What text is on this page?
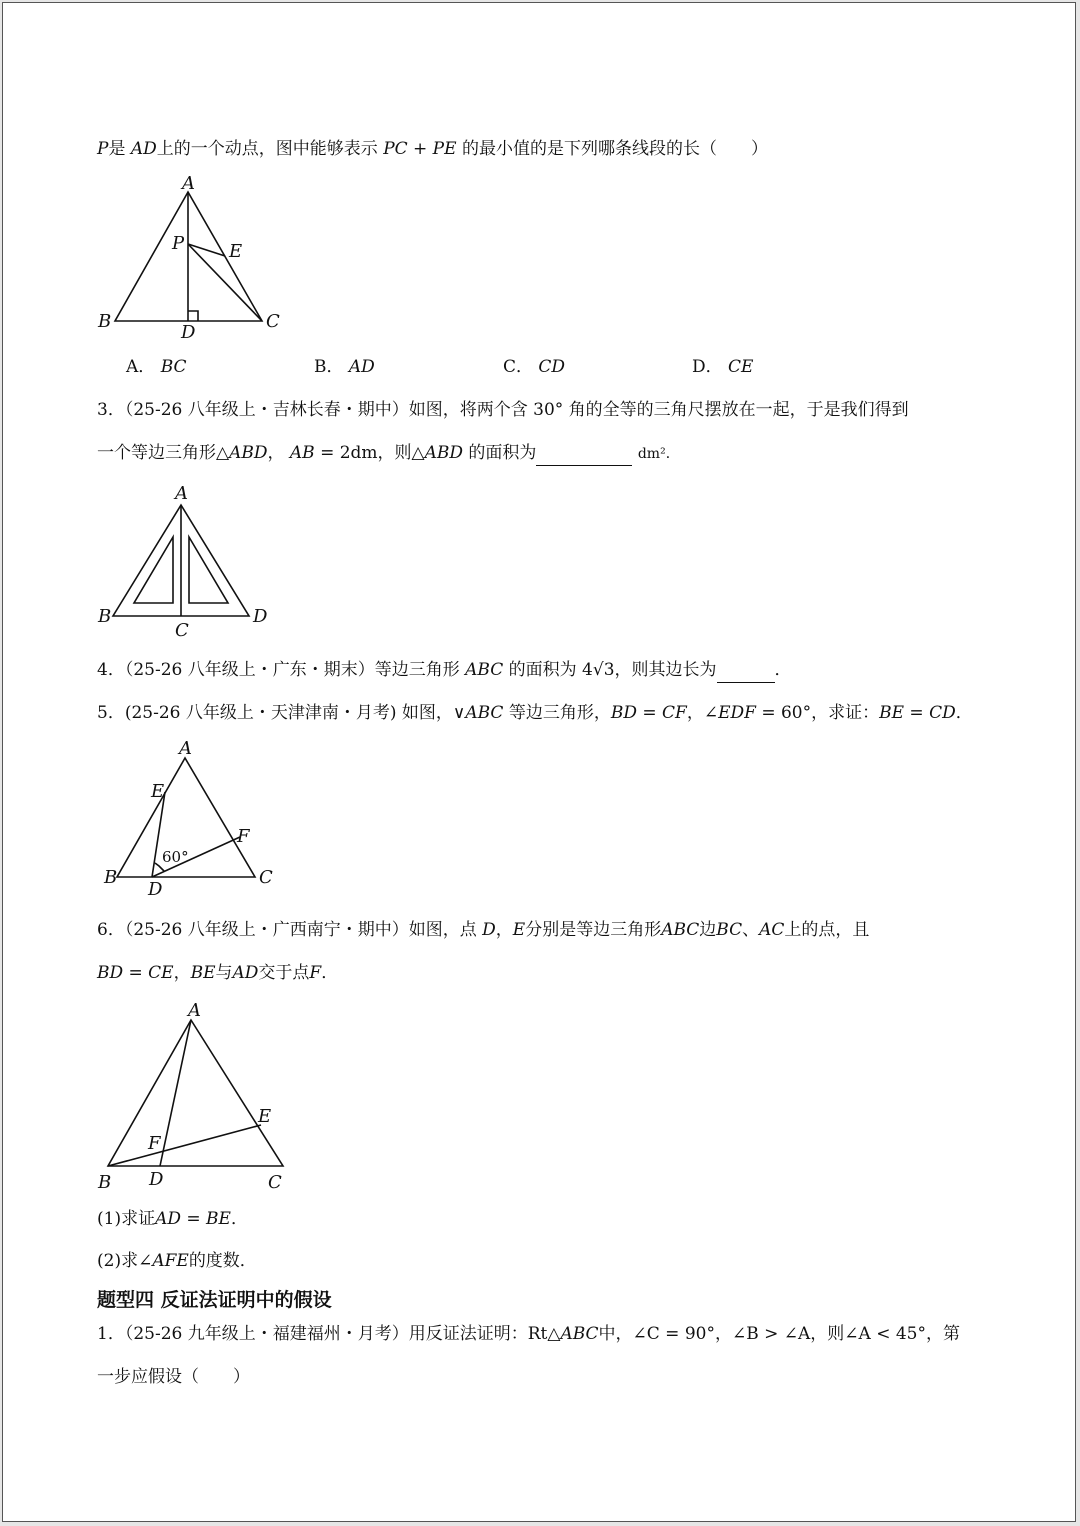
P是 AD上的一个动点，图中能够表示 PC + PE 的最小值的是下列哪条线段的长（　　）
A
B	C
D
E
P
A． BC	B． AD	C． CD	D． CE
3．（25-26 八年级上・吉林长春・期中）如图，将两个含 30° 角的全等的三角尺摆放在一起，于是我们得到
一个等边三角形△ABD， AB = 2dm，则△ABD 的面积为	dm²．
A
B
C
D
4．（25-26 八年级上・广东・期末）等边三角形 ABC 的面积为 4√3，则其边长为	．
5．(25-26 八年级上・天津津南・月考) 如图，∨ABC 等边三角形，BD = CF，∠EDF = 60°，求证：BE = CD．
A
B	C
D
E
F
60°
6．（25-26 八年级上・广西南宁・期中）如图，点 D，E分别是等边三角形ABC边BC、AC上的点，且
BD = CE，BE与AD交于点F．
A
B	C
D
E
F
(1)求证AD = BE．
(2)求∠AFE的度数．
题型四 反证法证明中的假设
1．（25-26 九年级上・福建福州・月考）用反证法证明：Rt△ABC中，∠C = 90°，∠B > ∠A，则∠A < 45°，第
一步应假设（　　）
